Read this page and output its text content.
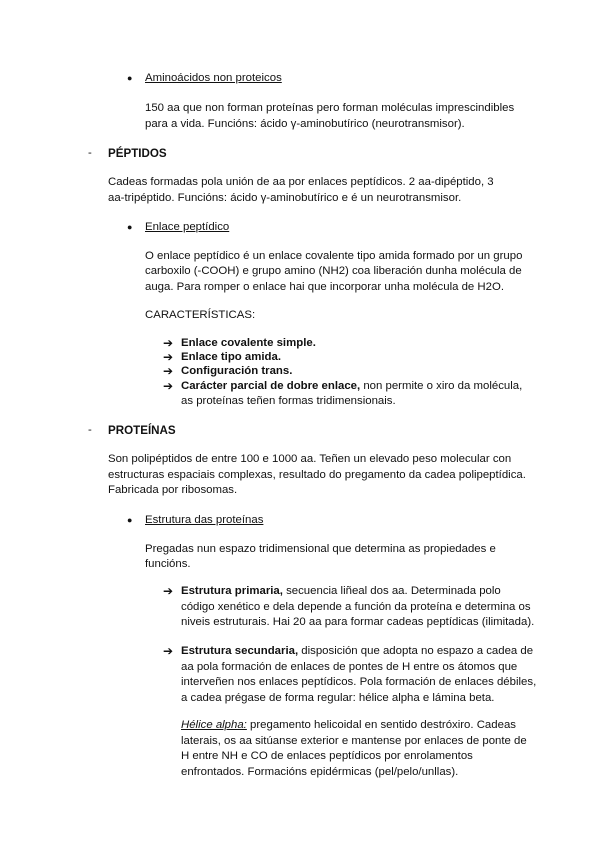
● Aminoácidos non proteicos

150 aa que non forman proteínas pero forman moléculas imprescindibles

para a vida. Funcións: ácido γ-aminobutírico (neurotransmisor).

- PÉPTIDOS

Cadeas formadas pola unión de aa por enlaces peptídicos. 2 aa-dipéptido, 3

aa-tripéptido. Funcións: ácido γ-aminobutírico e é un neurotransmisor.

● Enlace peptídico

O enlace peptídico é un enlace covalente tipo amida formado por un grupo

carboxilo (-COOH) e grupo amino (NH2) coa liberación dunha molécula de

auga. Para romper o enlace hai que incorporar unha molécula de H2O.

CARACTERÍSTICAS:

➔ Enlace covalente simple.

➔ Enlace tipo amida.

➔ Configuración trans.

➔ Carácter parcial de dobre enlace, non permite o xiro da molécula,

as proteínas teñen formas tridimensionais.

- PROTEÍNAS

Son polipéptidos de entre 100 e 1000 aa. Teñen un elevado peso molecular con

estructuras espaciais complexas, resultado do pregamento da cadea polipeptídica.

Fabricada por ribosomas.

● Estrutura das proteínas

Pregadas nun espazo tridimensional que determina as propiedades e

funcións.

➔ Estrutura primaria, secuencia liñeal dos aa. Determinada polo

código xenético e dela depende a función da proteína e determina os

niveis estruturais. Hai 20 aa para formar cadeas peptídicas (ilimitada).

➔ Estrutura secundaria, disposición que adopta no espazo a cadea de

aa pola formación de enlaces de pontes de H entre os átomos que

interveñen nos enlaces peptídicos. Pola formación de enlaces débiles,

a cadea prégase de forma regular: hélice alpha e lámina beta.

Hélice alpha: pregamento helicoidal en sentido destróxiro. Cadeas

laterais, os aa sitúanse exterior e mantense por enlaces de ponte de

H entre NH e CO de enlaces peptídicos por enrolamentos

enfrontados. Formacións epidérmicas (pel/pelo/unllas).
